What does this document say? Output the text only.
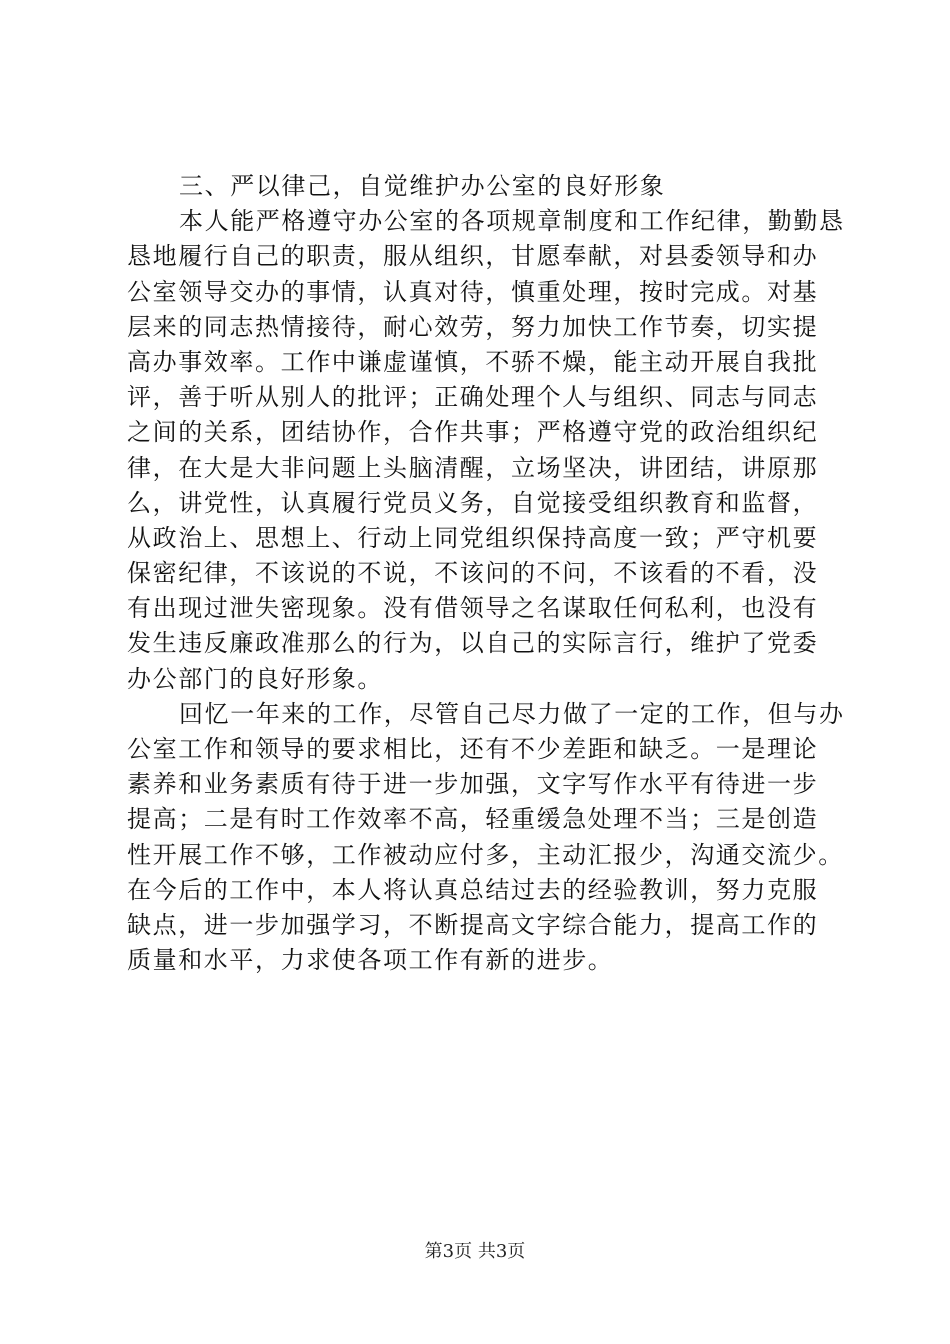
三、严以律己，自觉维护办公室的良好形象
本人能严格遵守办公室的各项规章制度和工作纪律，勤勤恳
恳地履行自己的职责，服从组织，甘愿奉献，对县委领导和办
公室领导交办的事情，认真对待，慎重处理，按时完成。对基
层来的同志热情接待，耐心效劳，努力加快工作节奏，切实提
高办事效率。工作中谦虚谨慎，不骄不燥，能主动开展自我批
评，善于听从别人的批评；正确处理个人与组织、同志与同志
之间的关系，团结协作，合作共事；严格遵守党的政治组织纪
律，在大是大非问题上头脑清醒，立场坚决，讲团结，讲原那
么，讲党性，认真履行党员义务，自觉接受组织教育和监督，
从政治上、思想上、行动上同党组织保持高度一致；严守机要
保密纪律，不该说的不说，不该问的不问，不该看的不看，没
有出现过泄失密现象。没有借领导之名谋取任何私利，也没有
发生违反廉政准那么的行为，以自己的实际言行，维护了党委
办公部门的良好形象。
回忆一年来的工作，尽管自己尽力做了一定的工作，但与办
公室工作和领导的要求相比，还有不少差距和缺乏。一是理论
素养和业务素质有待于进一步加强，文字写作水平有待进一步
提高；二是有时工作效率不高，轻重缓急处理不当；三是创造
性开展工作不够，工作被动应付多，主动汇报少，沟通交流少。
在今后的工作中，本人将认真总结过去的经验教训，努力克服
缺点，进一步加强学习，不断提高文字综合能力，提高工作的
质量和水平，力求使各项工作有新的进步。
第3页 共3页
